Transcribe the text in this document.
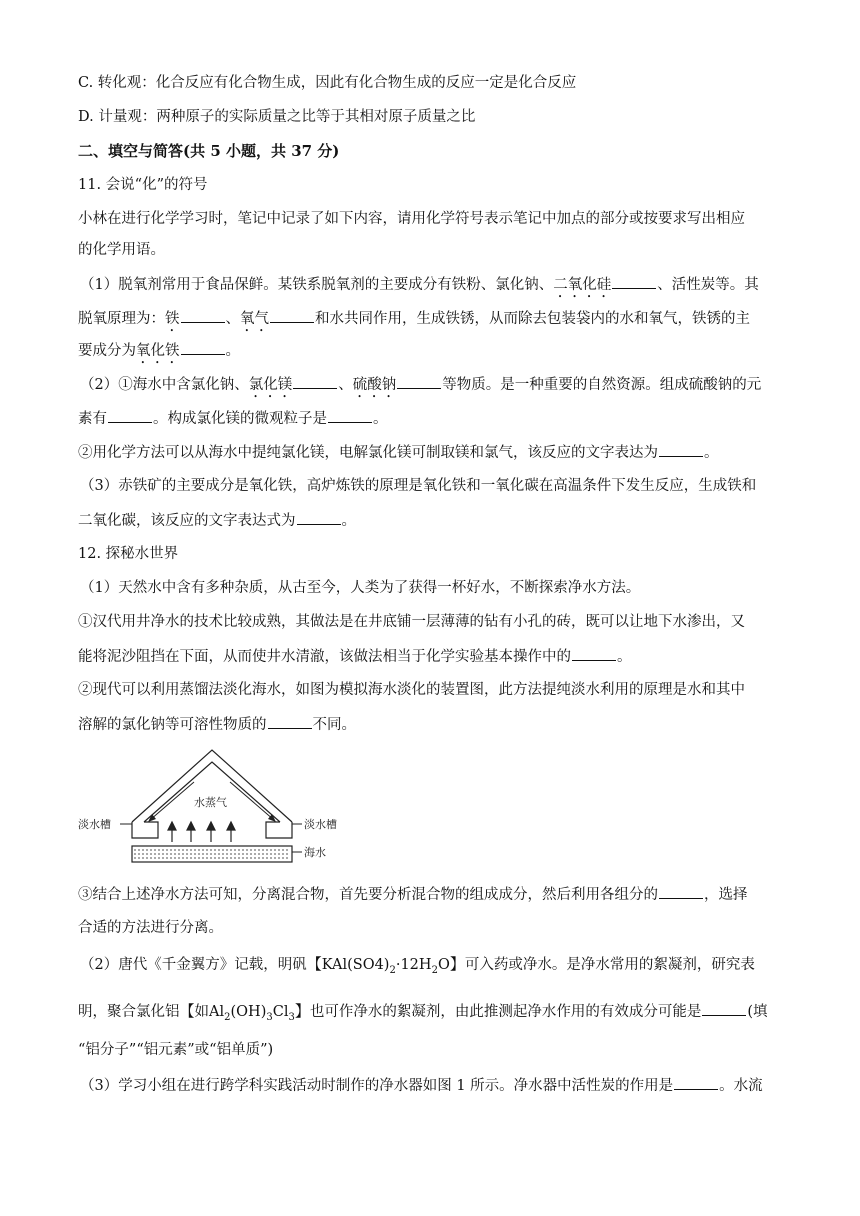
C. 转化观：化合反应有化合物生成，因此有化合物生成的反应一定是化合反应
D. 计量观：两种原子的实际质量之比等于其相对原子质量之比
二、填空与简答(共 5 小题，共 37 分)
11. 会说“化”的符号
小林在进行化学学习时，笔记中记录了如下内容，请用化学符号表示笔记中加点的部分或按要求写出相应
的化学用语。
（1）脱氧剂常用于食品保鲜。某铁系脱氧剂的主要成分有铁粉、氯化钠、二氧化硅	、活性炭等。其
脱氧原理为：铁	、氧气	和水共同作用，生成铁锈，从而除去包装袋内的水和氧气，铁锈的主
要成分为氧化铁	。
（2）①海水中含氯化钠、氯化镁	、硫酸钠	等物质。是一种重要的自然资源。组成硫酸钠的元
素有	。构成氯化镁的微观粒子是	。
②用化学方法可以从海水中提纯氯化镁，电解氯化镁可制取镁和氯气，该反应的文字表达为	。
（3）赤铁矿的主要成分是氧化铁，高炉炼铁的原理是氧化铁和一氧化碳在高温条件下发生反应，生成铁和
二氧化碳，该反应的文字表达式为	。
12. 探秘水世界
（1）天然水中含有多种杂质，从古至今，人类为了获得一杯好水，不断探索净水方法。
①汉代用井净水的技术比较成熟，其做法是在井底铺一层薄薄的钻有小孔的砖，既可以让地下水渗出，又
能将泥沙阻挡在下面，从而使井水清澈，该做法相当于化学实验基本操作中的	。
②现代可以利用蒸馏法淡化海水，如图为模拟海水淡化的装置图，此方法提纯淡水利用的原理是水和其中
溶解的氯化钠等可溶性物质的	不同。
水蒸气
淡水槽	淡水槽
海水
③结合上述净水方法可知，分离混合物，首先要分析混合物的组成成分，然后利用各组分的	，选择
合适的方法进行分离。
（2）唐代《千金翼方》记载，明矾【$KAl(SO4)_2\cdot 12H_2O$】可入药或净水。是净水常用的絮凝剂，研究表
明，聚合氯化铝【如$Al_2(OH)_3Cl_3$】也可作净水的絮凝剂，由此推测起净水作用的有效成分可能是	(填
“铝分子”“铝元素”或“铝单质”)
（3）学习小组在进行跨学科实践活动时制作的净水器如图 1 所示。净水器中活性炭的作用是	。水流
